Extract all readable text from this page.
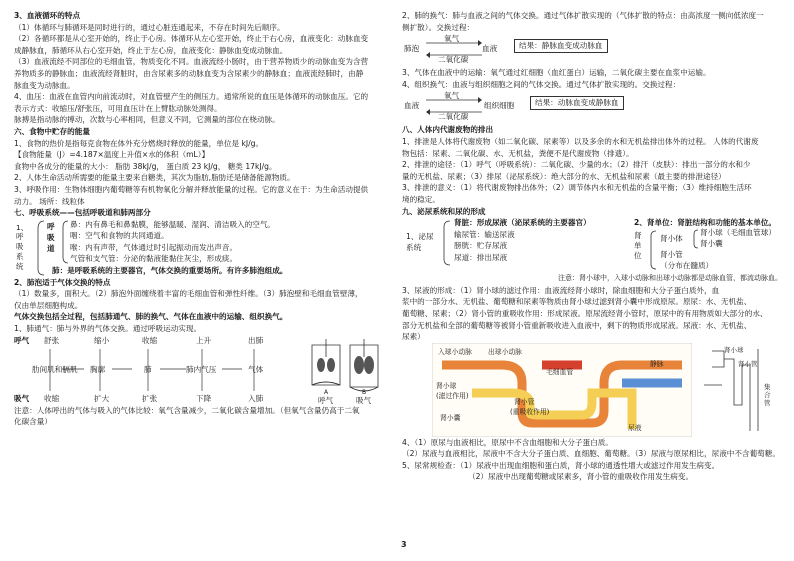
3、血液循环的特点

（1）体循环与肺循环是同时进行的，通过心脏连通起来，不存在时间先后顺序。

（2）各循环都是从心室开始的，终止于心房。体循环从左心室开始，终止于右心房，血液变化：动脉血变

成静脉血，肺循环从右心室开始，终止于左心房，血液变化：静脉血变成动脉血。

（3）血液流经不同部位的毛细血管，物质变化不同。血液流经小肠时，由于营养物质少的动脉血变为含营

养物质多的静脉血；血液流经肾脏时，由含尿素多的动脉血变为含尿素少的静脉血；血液流经肺时，由静

脉血变为动脉血。

4、血压：血液在血管内向前流动时，对血管壁产生的侧压力。通常所说的血压是体循环的动脉血压。它的

表示方式：收缩压/舒张压，可用血压计在上臂肱动脉处测得。

脉搏是指动脉的搏动，次数与心率相同，但意义不同，它测量的部位在桡动脉。

六、食物中贮存的能量

1、食物的热价是指每克食物在体外充分燃烧时释放的能量，单位是 kJ/g。

【食物能量（J）=4.187×温度上升值×水的体积（mL）】

食物中各成分的能量的大小： 脂肪 38kJ/g， 蛋白质 23 kJ/g， 糖类 17kJ/g。

2、人体生命活动所需要的能量主要来自糖类，其次为脂肪,脂肪还是储备能源物质。

3、呼吸作用：生物体细胞内葡萄糖等有机物氧化分解并释放能量的过程。它的意义在于：为生命活动提供

动力。 场所：线粒体

七、呼吸系统——包括呼吸道和肺两部分

1、
呼
吸
系
统
呼
吸
道

鼻：内有鼻毛和鼻黏膜，能够温暖、湿润、清洁吸入的空气。

咽：空气和食物的共同通道。

喉：内有声带，气体通过时引起振动而发出声音。

气管和支气管：分泌的黏液能黏住灰尘，形成痰。

肺：是呼吸系统的主要器官，气体交换的重要场所。有许多肺泡组成。

2、肺泡适于气体交换的特点

（1）数量多，面积大。（2）肺泡外面缠绕着丰富的毛细血管和弹性纤维。（3）肺泡壁和毛细血管壁薄，

仅由单层细胞构成。

气体交换包括全过程，包括肺通气、肺的换气、气体在血液中的运输、组织换气。

1、肺通气：肺与外界的气体交换。通过呼吸运动实现。

呼气 舒张	缩小	收缩	上升	出肺
肋间肌和膈肌 胸廓	肺	肺内气压	气体
吸气 收缩	扩大	扩张	下降	入肺
A	B
呼气	吸气

注意：人体呼出的气体与吸入的气体比较：氧气含量减少，二氧化碳含量增加。（但氧气含量仍高于二氧

化碳含量）

2、肺的换气：肺与血液之间的气体交换。通过气体扩散实现的（气体扩散的特点：由高浓度一侧向低浓度一

侧扩散）。交换过程：

氧气
肺泡	血液
二氧化碳
结果：静脉血变成动脉血

3、气体在血液中的运输：氧气通过红细胞（血红蛋白）运输，二氧化碳主要在血浆中运输。

4、组织换气：血液与组织细胞之间的气体交换。通过气体扩散实现的。交换过程：

氧气
血液	组织细胞
二氧化碳
结果：动脉血变成静脉血

八、人体内代谢废物的排出

1、排泄是人体将代谢废物（如二氧化碳、尿素等）以及多余的水和无机盐排出体外的过程。 人体的代谢废

物包括：尿素、二氧化碳、水、无机盐，粪便不是代谢废物（排遗）。

2、排泄的途径：（1）呼气（呼吸系统）：二氧化碳、少量的水；（2）排汗（皮肤）：排出一部分的水和少

量的无机盐、尿素；（3）排尿（泌尿系统）：绝大部分的水、无机盐和尿素（最主要的排泄途径）

3、排泄的意义：（1）将代谢废物排出体外；（2）调节体内水和无机盐的含量平衡；（3）维持细胞生活环

境的稳定。

九、泌尿系统和尿的形成

1、泌尿
系统

肾脏：形成尿液（泌尿系统的主要器官）

输尿管：输送尿液

膀胱：贮存尿液

尿道：排出尿液

2、肾单位：肾脏结构和功能的基本单位。

肾
单
位
肾小体
肾小球（毛细血管球）
肾小囊
肾小管
（分布在髓质）

注意：肾小球中，入球小动脉和出球小动脉都是动脉血管，都流动脉血。

3、尿液的形成：（1）肾小球的滤过作用：血液流经肾小球时，除血细胞和大分子蛋白质外，血

浆中的一部分水、无机盐、葡萄糖和尿素等物质由肾小球过滤到肾小囊中形成原尿。原尿：水、无机盐、

葡萄糖、尿素；（2）肾小管的重吸收作用：形成尿液。原尿流经肾小管时，原尿中的有用物质如大部分的水、

部分无机盐和全部的葡萄糖等被肾小管重新吸收进入血液中，剩下的物质形成尿液。尿液：水、无机盐、

尿素）

入球小动脉 出球小动脉
毛细血管
肾小球
(滤过作用)
肾小囊
肾小管
(重吸收作用)
静脉
尿液
肾小球
肾小管
集合管

4、（1）原尿与血液相比，原尿中不含血细胞和大分子蛋白质。

（2）尿液与血液相比，尿液中不含大分子蛋白质、血细胞、葡萄糖。（3）尿液与原尿相比，尿液中不含葡萄糖。

5、尿常规检查：（1）尿液中出现血细胞和蛋白质，肾小球的通透性增大或滤过作用发生病变。

（2）尿液中出现葡萄糖或尿素多，肾小管的重吸收作用发生病变。

3
